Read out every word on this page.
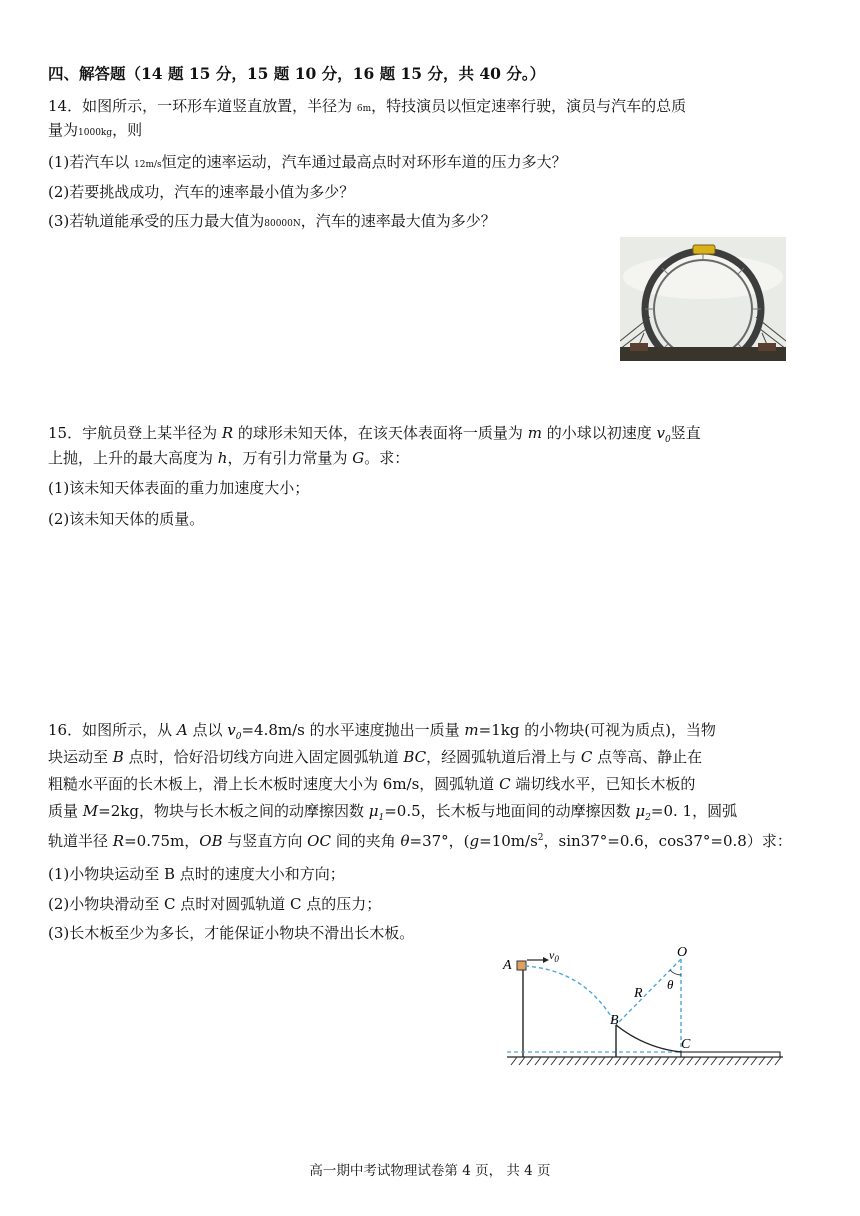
四、解答题（14 题 15 分，15 题 10 分，16 题 15 分，共 40 分。）
14．如图所示，一环形车道竖直放置，半径为 6m，特技演员以恒定速率行驶，演员与汽车的总质
量为1000kg，则
(1)若汽车以 12m/s恒定的速率运动，汽车通过最高点时对环形车道的压力多大？
(2)若要挑战成功，汽车的速率最小值为多少？
(3)若轨道能承受的压力最大值为80000N，汽车的速率最大值为多少？
15．宇航员登上某半径为 R 的球形未知天体，在该天体表面将一质量为 m 的小球以初速度 $v_0$竖直
上抛，上升的最大高度为 h，万有引力常量为 G。求：
(1)该未知天体表面的重力加速度大小；
(2)该未知天体的质量。
16．如图所示，从 A 点以 $v_0=4.8m/s$ 的水平速度抛出一质量 m=1kg 的小物块(可视为质点)，当物
块运动至 B 点时，恰好沿切线方向进入固定圆弧轨道 BC，经圆弧轨道后滑上与 C 点等高、静止在
粗糙水平面的长木板上，滑上长木板时速度大小为 6m/s，圆弧轨道 C 端切线水平，已知长木板的
质量 M=2kg，物块与长木板之间的动摩擦因数 $\mu_1=0.5$，长木板与地面间的动摩擦因数 $\mu_2=0$. 1，圆弧
轨道半径 R=0.75m，OB 与竖直方向 OC 间的夹角 θ=37°，($g=10m/s^2$，sin37°=0.6，cos37°=0.8）求：
(1)小物块运动至 B 点时的速度大小和方向；
(2)小物块滑动至 C 点时对圆弧轨道 C 点的压力；
(3)长木板至少为多长，才能保证小物块不滑出长木板。
A
$v_0$	O
θ
R
B
C
高一期中考试物理试卷第 4 页， 共 4 页
